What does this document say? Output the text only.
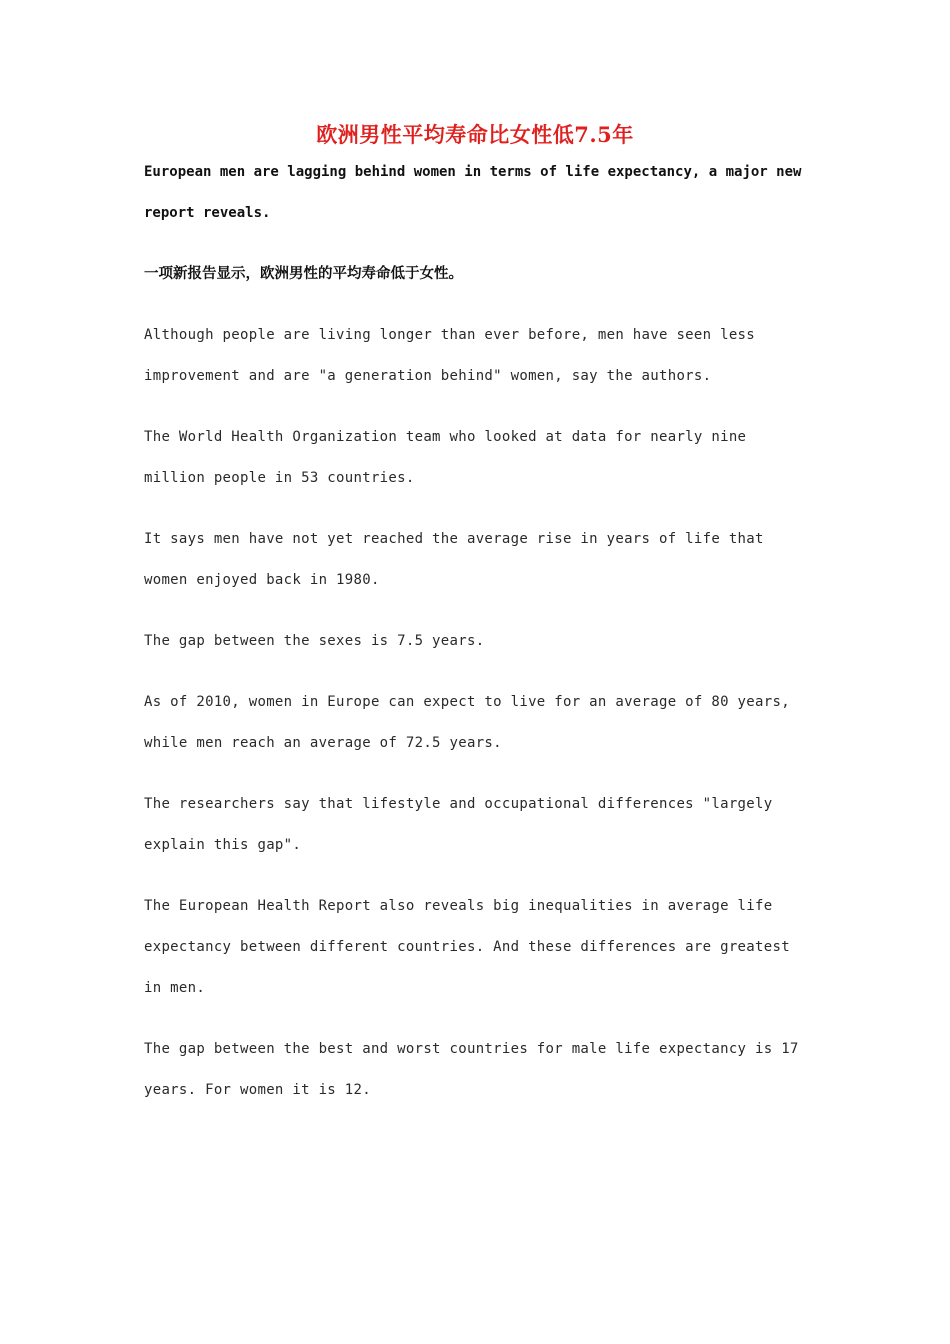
欧洲男性平均寿命比女性低7.5年

European men are lagging behind women in terms of life expectancy, a major new report reveals.

一项新报告显示，欧洲男性的平均寿命低于女性。

Although people are living longer than ever before, men have seen less improvement and are "a generation behind" women, say the authors.

The World Health Organization team who looked at data for nearly nine million people in 53 countries.

It says men have not yet reached the average rise in years of life that women enjoyed back in 1980.

The gap between the sexes is 7.5 years.

As of 2010, women in Europe can expect to live for an average of 80 years, while men reach an average of 72.5 years.

The researchers say that lifestyle and occupational differences "largely explain this gap".

The European Health Report also reveals big inequalities in average life expectancy between different countries. And these differences are greatest in men.

The gap between the best and worst countries for male life expectancy is 17 years. For women it is 12.
